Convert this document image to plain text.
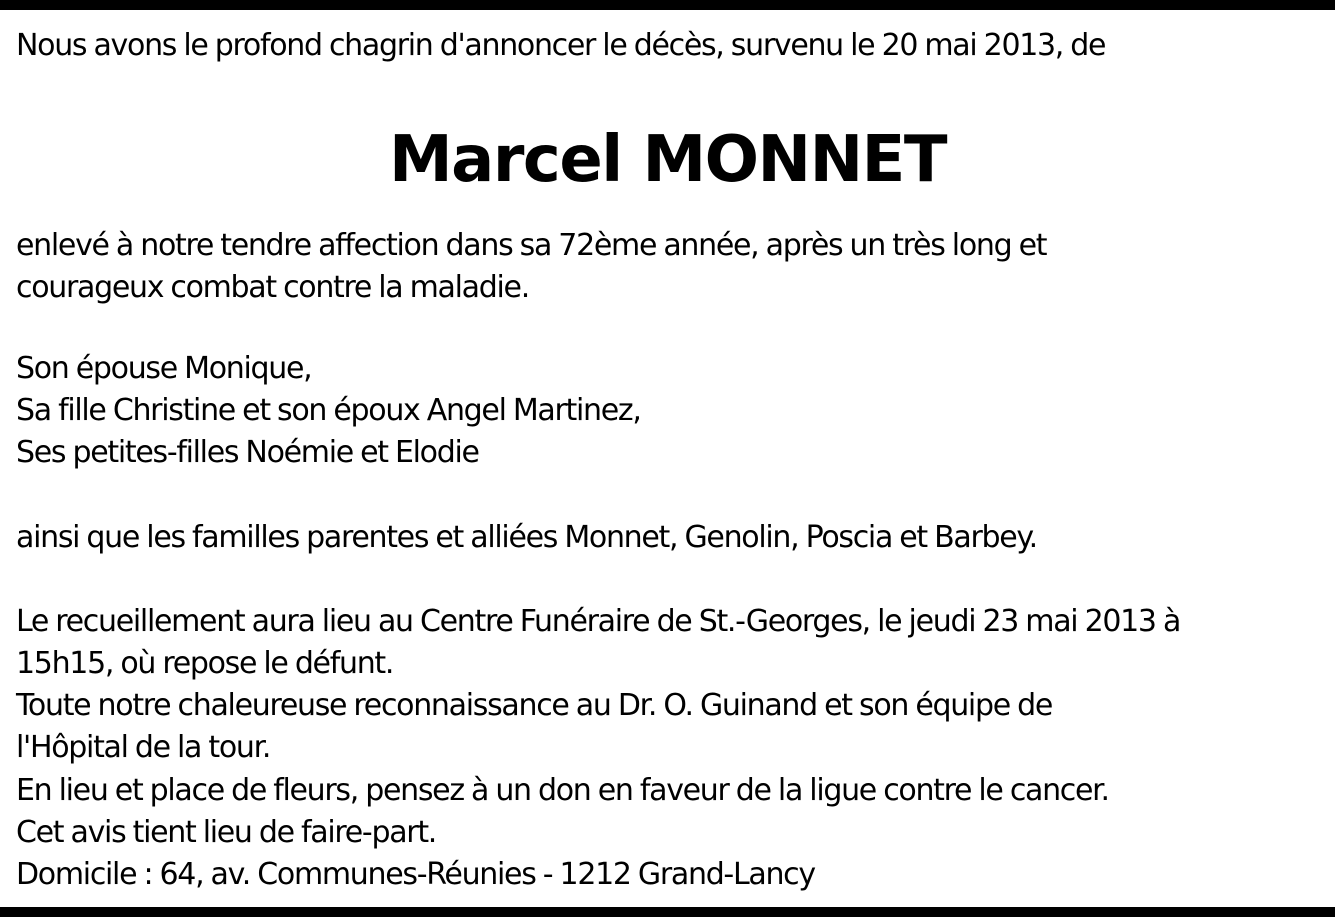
Nous avons le profond chagrin d'annoncer le décès, survenu le 20 mai 2013, de
Marcel MONNET
enlevé à notre tendre affection dans sa 72ème année, après un très long et
courageux combat contre la maladie.
Son épouse Monique,
Sa fille Christine et son époux Angel Martinez,
Ses petites-filles Noémie et Elodie
ainsi que les familles parentes et alliées Monnet, Genolin, Poscia et Barbey.
Le recueillement aura lieu au Centre Funéraire de St.-Georges, le jeudi 23 mai 2013 à
15h15, où repose le défunt.
Toute notre chaleureuse reconnaissance au Dr. O. Guinand et son équipe de
l'Hôpital de la tour.
En lieu et place de fleurs, pensez à un don en faveur de la ligue contre le cancer.
Cet avis tient lieu de faire-part.
Domicile : 64, av. Communes-Réunies - 1212 Grand-Lancy
